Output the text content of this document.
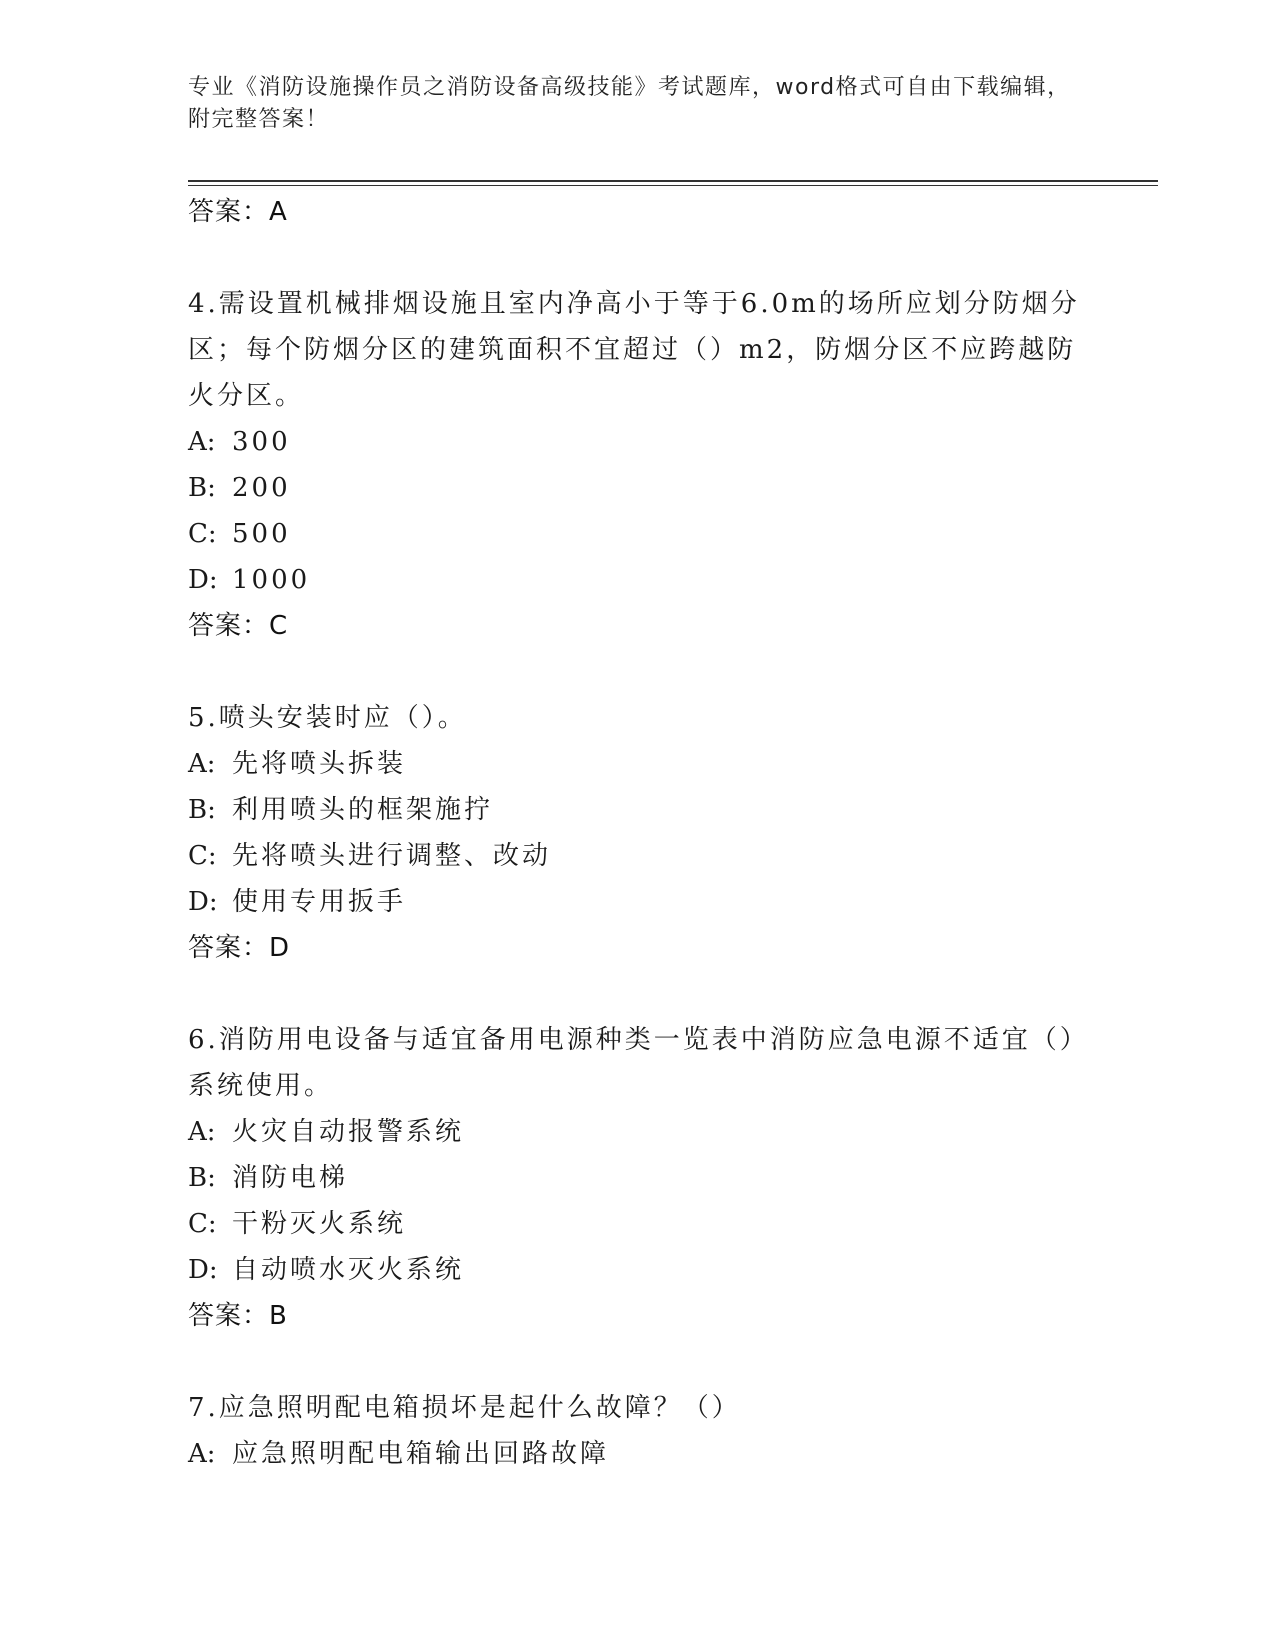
专业《消防设施操作员之消防设备高级技能》考试题库，word格式可自由下载编辑，附完整答案！
答案：A

4.需设置机械排烟设施且室内净高小于等于6.0m的场所应划分防烟分区；每个防烟分区的建筑面积不宜超过（）m2，防烟分区不应跨越防火分区。

A: 300
B: 200
C: 500
D: 1000
答案：C

5.喷头安装时应（）。

A: 先将喷头拆装
B: 利用喷头的框架施拧
C: 先将喷头进行调整、改动
D: 使用专用扳手
答案：D

6.消防用电设备与适宜备用电源种类一览表中消防应急电源不适宜（）系统使用。

A: 火灾自动报警系统
B: 消防电梯
C: 干粉灭火系统
D: 自动喷水灭火系统
答案：B

7.应急照明配电箱损坏是起什么故障？（）

A: 应急照明配电箱输出回路故障
